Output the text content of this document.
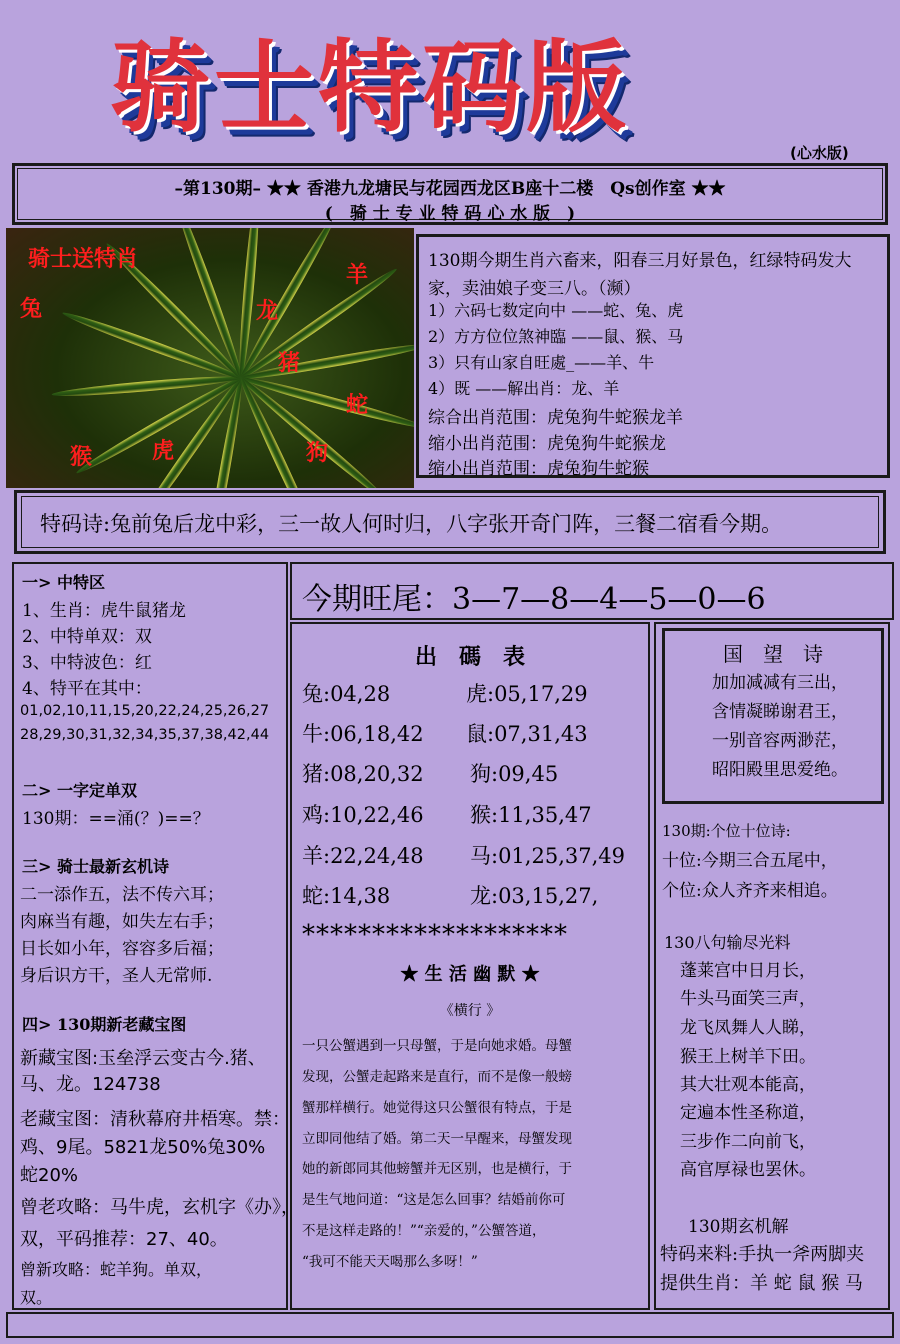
骑士特码版
(心水版)
–第130期– ★★ 香港九龙塘民与花园西龙区B座十二楼　Qs创作室 ★★
(　骑 士 专 业 特 码 心 水 版　)
骑士送特肖
羊
兔	龙
猪
蛇
猴	虎	狗
130期今期生肖六畜来，阳春三月好景色，红绿特码发大
家，卖油娘子变三八。（濒）
1）六码七数定向中 ——蛇、兔、虎
2）方方位位煞神臨 ——鼠、猴、马
3）只有山家自旺處_——羊、牛
4）既 ——解出肖：龙、羊
综合出肖范围：虎兔狗牛蛇猴龙羊
缩小出肖范围：虎兔狗牛蛇猴龙
缩小出肖范围：虎兔狗牛蛇猴
特码诗:兔前兔后龙中彩，三一故人何时归，八字张开奇门阵，三餐二宿看今期。
一> 中特区
1、生肖：虎牛鼠猪龙
2、中特单双：双
3、中特波色：红
4、特平在其中：
01,02,10,11,15,20,22,24,25,26,27
28,29,30,31,32,34,35,37,38,42,44
二> 一字定单双
130期：==涌(？)==？
三> 骑士最新玄机诗
二一添作五，法不传六耳；
肉麻当有趣，如失左右手；
日长如小年，容容多后福；
身后识方干，圣人无常师.
四> 130期新老藏宝图
新藏宝图:玉垒浮云变古今.猪、
马、龙。124738
老藏宝图：清秋幕府井梧寒。禁：
鸡、9尾。5821龙50%兔30%
蛇20%
曾老攻略：马牛虎，玄机字《办》，
双，平码推荐：27、40。
曾新攻略：蛇羊狗。单双，
双。
今期旺尾：3—7—8—4—5—0—6
出　碼　表
兔:04,28	虎:05,17,29
牛:06,18,42 鼠:07,31,43
猪:08,20,32 狗:09,45
鸡:10,22,46 猴:11,35,47
羊:22,24,48 马:01,25,37,49
蛇:14,38	龙:03,15,27,
*******************
★ 生 活 幽 默 ★
《横行 》
一只公蟹遇到一只母蟹，于是向她求婚。母蟹
发现，公蟹走起路来是直行，而不是像一般螃
蟹那样横行。她觉得这只公蟹很有特点，于是
立即同他结了婚。第二天一早醒来，母蟹发现
她的新郎同其他螃蟹并无区别，也是横行，于
是生气地问道：“这是怎么回事？结婚前你可
不是这样走路的！”“亲爱的，”公蟹答道，
“我可不能天天喝那么多呀！”
国　望　诗
加加减减有三出，
含情凝睇谢君王，
一别音容两渺茫，
昭阳殿里思爱绝。
130期:个位十位诗:
十位:今期三合五尾中，
个位:众人齐齐来相追。
130八句输尽光料
蓬莱宫中日月长，
牛头马面笑三声，
龙飞凤舞人人睇，
猴王上树羊下田。
其大壮观本能高，
定遍本性圣称道，
三步作二向前飞，
高官厚禄也罢休。
130期玄机解
特码来料:手执一斧两脚夹
提供生肖：羊 蛇 鼠 猴 马
